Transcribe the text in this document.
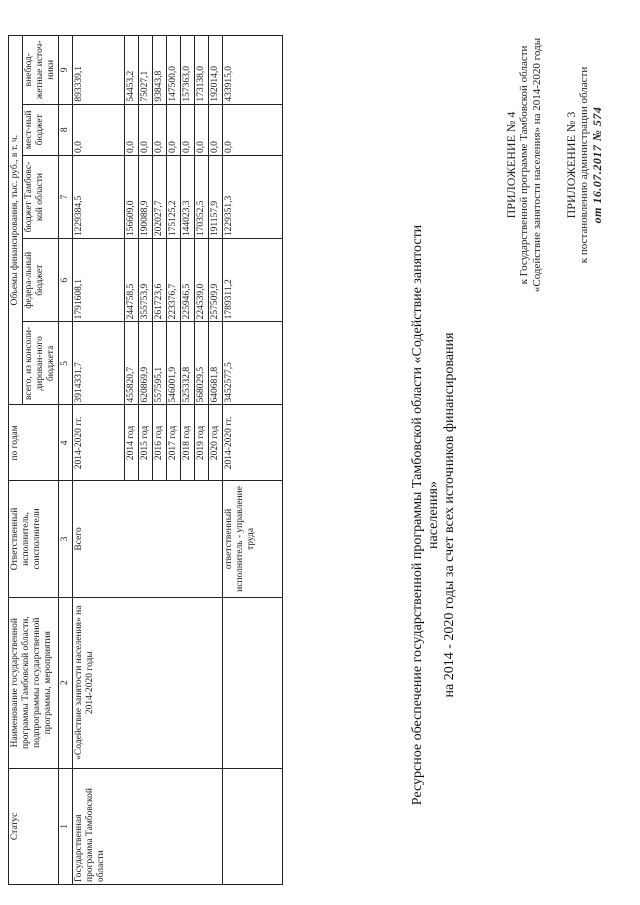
ПРИЛОЖЕНИЕ № 3 к постановлению администрации области от 16.07.2017 № 574
ПРИЛОЖЕНИЕ № 4 к Государственной программе Тамбовской области «Содействие занятости населения» на 2014-2020 годы
Ресурсное обеспечение государственной программы Тамбовской области «Содействие занятости населения» на 2014 - 2020 годы за счет всех источников финансирования
Статус	Наименование государственной программы Тамбовской области, подпрограммы государственной программы, мероприятия	Ответственный исполнитель, соисполнители	по годам	Объемы финансирования, тыс. руб., в т. ч.				
				всего, из консоли-дирован-ного бюджета	федера-льный бюджет	бюджет Тамбовс-кой области	мест-ный бюджет	внебюд-жетные источ-ники
1	2	3	4	5	6	7	8	9
Государственная программа Тамбовской области	«Содействие занятости населения» на 2014-2020 годы	Всего	2014-2020 гг.	3914331,7	1791608,1	1229384,5	0,0	893339,1
			2014 год	455820,7	244758,5	156609,0	0,0	54453,2
			2015 год	620869,9	355753,9	190088,9	0,0	75027,1
			2016 год	557595,1	261723,6	202027,7	0,0	93843,8
			2017 год	546001,9	223376,7	175125,2	0,0	147500,0
			2018 год	525332,8	225946,5	144023,3	0,0	157363,0
			2019 год	568029,5	224539,0	170352,5	0,0	173138,0
			2020 год	640681,8	257509,9	191157,9	0,0	192014,0
		ответственный исполнитель - управление труда	2014-2020 гг.	3452577,5	1789311,2	1229351,3	0,0	433915,0
